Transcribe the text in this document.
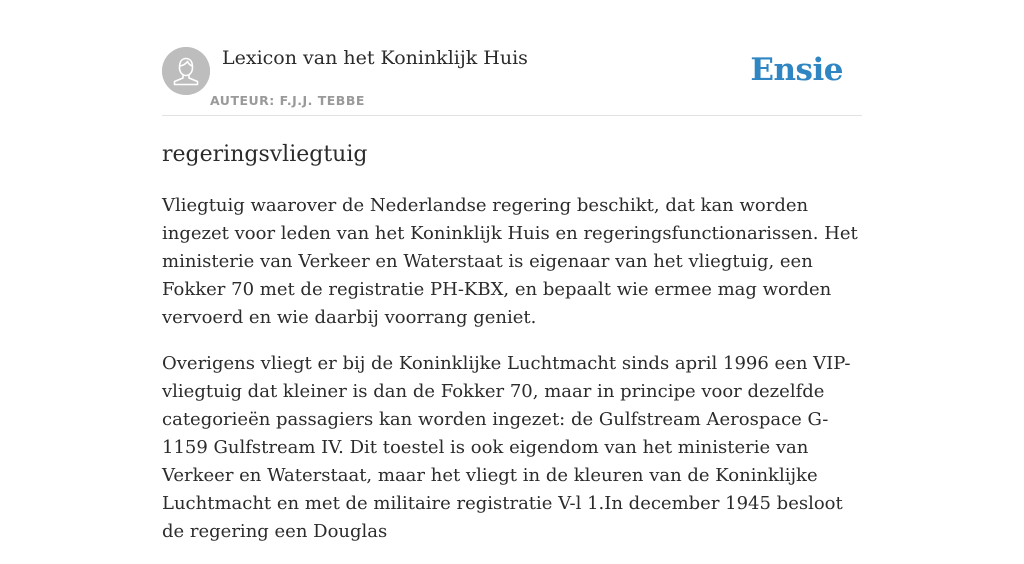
Lexicon van het Koninklijk Huis
AUTEUR: F.J.J. TEBBE
Ensie
regeringsvliegtuig

Vliegtuig waarover de Nederlandse regering beschikt, dat kan worden ingezet voor leden van het Koninklijk Huis en regeringsfunctionarissen. Het ministerie van Verkeer en Waterstaat is eigenaar van het vliegtuig, een Fokker 70 met de registratie PH-KBX, en bepaalt wie ermee mag worden vervoerd en wie daarbij voorrang geniet.

Overigens vliegt er bij de Koninklijke Luchtmacht sinds april 1996 een VIP-vliegtuig dat kleiner is dan de Fokker 70, maar in principe voor dezelfde categorieën passagiers kan worden ingezet: de Gulfstream Aerospace G-1159 Gulfstream IV. Dit toestel is ook eigendom van het ministerie van Verkeer en Waterstaat, maar het vliegt in de kleuren van de Koninklijke Luchtmacht en met de militaire registratie V-l 1.In december 1945 besloot de regering een Douglas
